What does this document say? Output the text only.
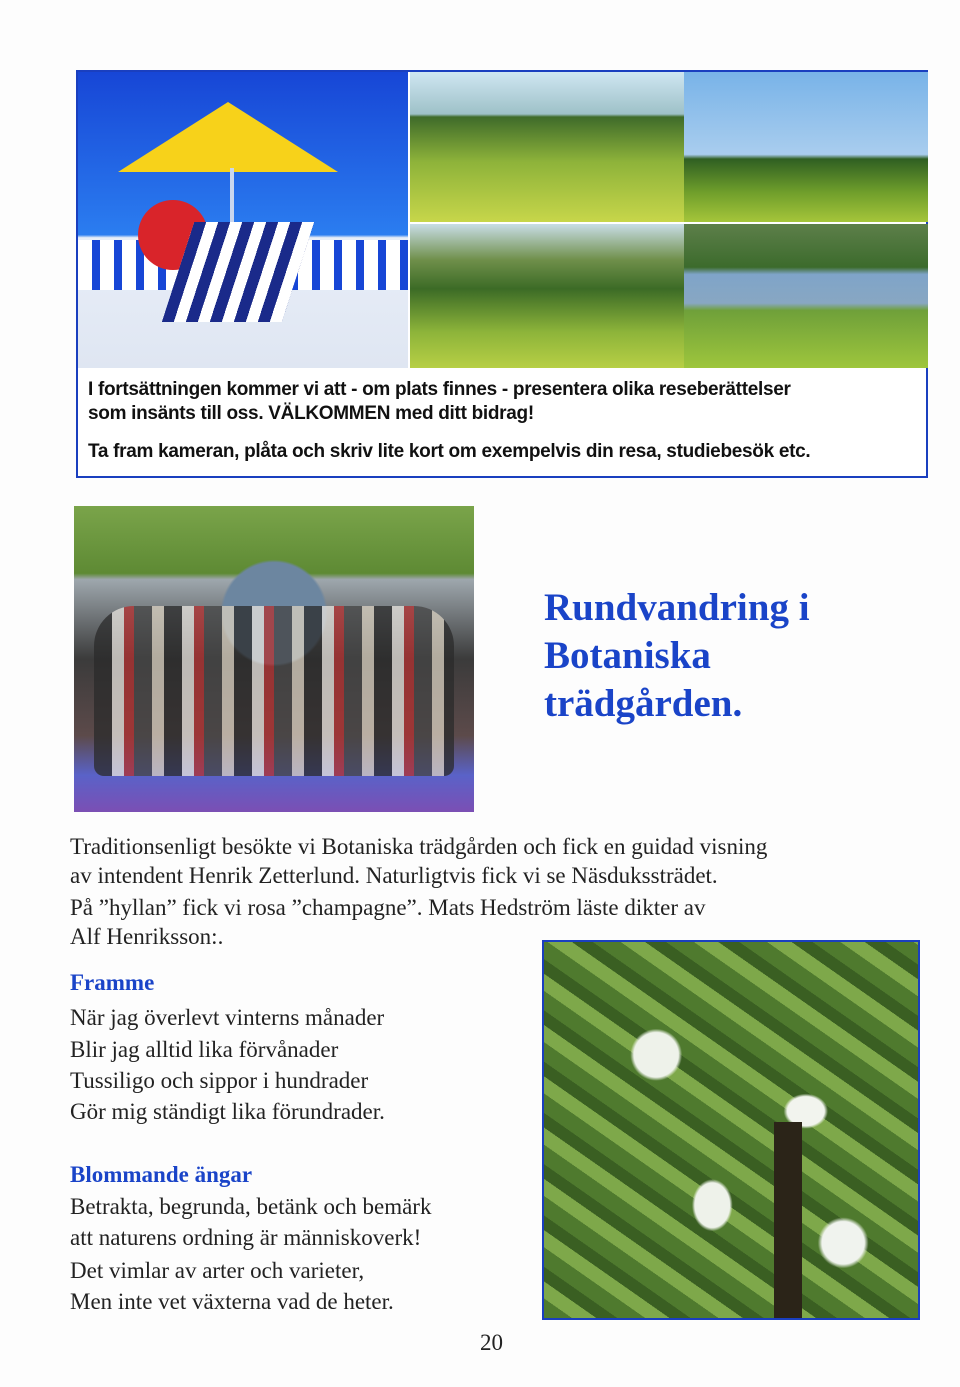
I fortsättningen kommer vi att - om plats finnes - presentera olika reseberättelser
som insänts till oss. VÄLKOMMEN med ditt bidrag!
Ta fram kameran, plåta och skriv lite kort om exempelvis din resa, studiebesök etc.
Rundvandring i
Botaniska
trädgården.
Traditionsenligt besökte vi Botaniska trädgården och fick en guidad visning
av intendent Henrik Zetterlund. Naturligtvis fick vi se Näsdukssträdet.
På ”hyllan” fick vi rosa ”champagne”. Mats Hedström läste dikter av
Alf Henriksson:.
Framme
När jag överlevt vinterns månader
Blir jag alltid lika förvånader
Tussiligo och sippor i hundrader
Gör mig ständigt lika förundrader.
Blommande ängar
Betrakta, begrunda, betänk och bemärk
att naturens ordning är människoverk!
Det vimlar av arter och varieter,
Men inte vet växterna vad de heter.
20
